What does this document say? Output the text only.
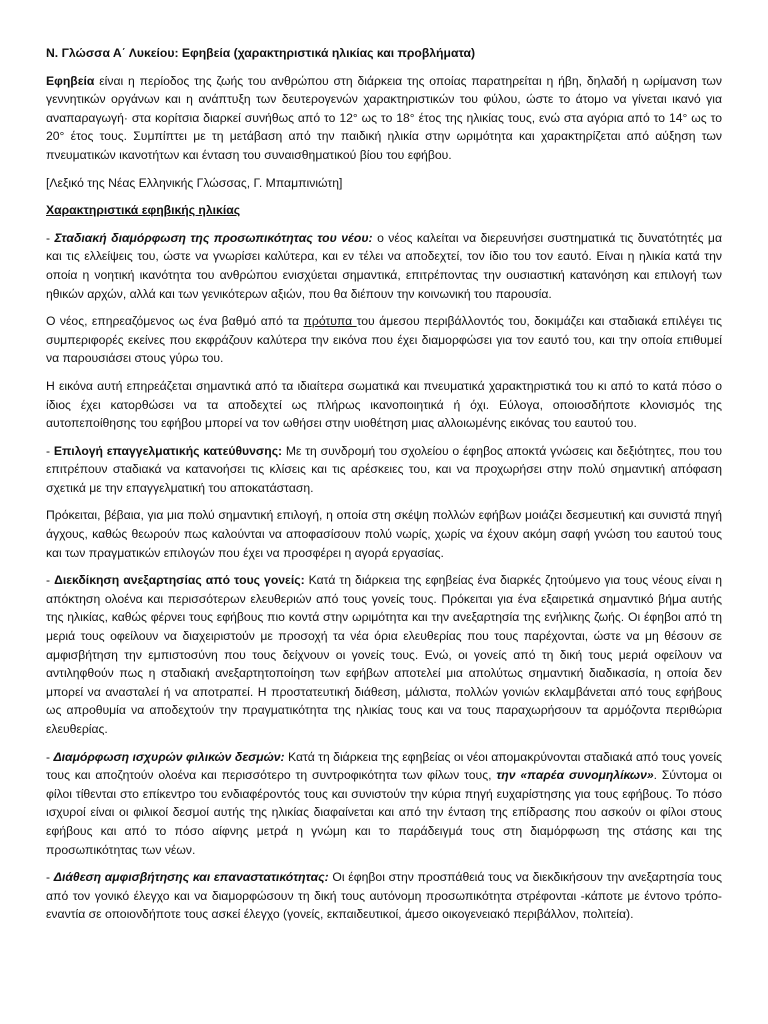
Ν. Γλώσσα Α΄ Λυκείου: Εφηβεία (χαρακτηριστικά ηλικίας και προβλήματα)

Εφηβεία είναι η περίοδος της ζωής του ανθρώπου στη διάρκεια της οποίας παρατηρείται η ήβη, δηλαδή η ωρίμανση των γεννητικών οργάνων και η ανάπτυξη των δευτερογενών χαρακτηριστικών του φύλου, ώστε το άτομο να γίνεται ικανό για αναπαραγωγή· στα κορίτσια διαρκεί συνήθως από το 12° ως το 18° έτος της ηλικίας τους, ενώ στα αγόρια από το 14° ως το 20° έτος τους. Συμπίπτει με τη μετάβαση από την παιδική ηλικία στην ωριμότητα και χαρακτηρίζεται από αύξηση των πνευματικών ικανοτήτων και ένταση του συναισθηματικού βίου του εφήβου.

[Λεξικό της Νέας Ελληνικής Γλώσσας, Γ. Μπαμπινιώτη]

Χαρακτηριστικά εφηβικής ηλικίας

- Σταδιακή διαμόρφωση της προσωπικότητας του νέου: ο νέος καλείται να διερευνήσει συστηματικά τις δυνατότητές μα και τις ελλείψεις του, ώστε να γνωρίσει καλύτερα, και εν τέλει να αποδεχτεί, τον ίδιο του τον εαυτό. Είναι η ηλικία κατά την οποία η νοητική ικανότητα του ανθρώπου ενισχύεται σημαντικά, επιτρέποντας την ουσιαστική κατανόηση και επιλογή των ηθικών αρχών, αλλά και των γενικότερων αξιών, που θα διέπουν την κοινωνική του παρουσία.

Ο νέος, επηρεαζόμενος ως ένα βαθμό από τα πρότυπα του άμεσου περιβάλλοντός του, δοκιμάζει και σταδιακά επιλέγει τις συμπεριφορές εκείνες που εκφράζουν καλύτερα την εικόνα που έχει διαμορφώσει για τον εαυτό του, και την οποία επιθυμεί να παρουσιάσει στους γύρω του.

Η εικόνα αυτή επηρεάζεται σημαντικά από τα ιδιαίτερα σωματικά και πνευματικά χαρακτηριστικά του κι από το κατά πόσο ο ίδιος έχει κατορθώσει να τα αποδεχτεί ως πλήρως ικανοποιητικά ή όχι. Εύλογα, οποιοσδήποτε κλονισμός της αυτοπεποίθησης του εφήβου μπορεί να τον ωθήσει στην υιοθέτηση μιας αλλοιωμένης εικόνας του εαυτού του.

- Επιλογή επαγγελματικής κατεύθυνσης: Με τη συνδρομή του σχολείου ο έφηβος αποκτά γνώσεις και δεξιότητες, που του επιτρέπουν σταδιακά να κατανοήσει τις κλίσεις και τις αρέσκειες του, και να προχωρήσει στην πολύ σημαντική απόφαση σχετικά με την επαγγελματική του αποκατάσταση.

Πρόκειται, βέβαια, για μια πολύ σημαντική επιλογή, η οποία στη σκέψη πολλών εφήβων μοιάζει δεσμευτική και συνιστά πηγή άγχους, καθώς θεωρούν πως καλούνται να αποφασίσουν πολύ νωρίς, χωρίς να έχουν ακόμη σαφή γνώση του εαυτού τους και των πραγματικών επιλογών που έχει να προσφέρει η αγορά εργασίας.

- Διεκδίκηση ανεξαρτησίας από τους γονείς: Κατά τη διάρκεια της εφηβείας ένα διαρκές ζητούμενο για τους νέους είναι η απόκτηση ολοένα και περισσότερων ελευθεριών από τους γονείς τους. Πρόκειται για ένα εξαιρετικά σημαντικό βήμα αυτής της ηλικίας, καθώς φέρνει τους εφήβους πιο κοντά στην ωριμότητα και την ανεξαρτησία της ενήλικης ζωής. Οι έφηβοι από τη μεριά τους οφείλουν να διαχειριστούν με προσοχή τα νέα όρια ελευθερίας που τους παρέχονται, ώστε να μη θέσουν σε αμφισβήτηση την εμπιστοσύνη που τους δείχνουν οι γονείς τους. Ενώ, οι γονείς από τη δική τους μεριά οφείλουν να αντιληφθούν πως η σταδιακή ανεξαρτητοποίηση των εφήβων αποτελεί μια απολύτως σημαντική διαδικασία, η οποία δεν μπορεί να ανασταλεί ή να αποτραπεί. Η προστατευτική διάθεση, μάλιστα, πολλών γονιών εκλαμβάνεται από τους εφήβους ως απροθυμία να αποδεχτούν την πραγματικότητα της ηλικίας τους και να τους παραχωρήσουν τα αρμόζοντα περιθώρια ελευθερίας.

- Διαμόρφωση ισχυρών φιλικών δεσμών: Κατά τη διάρκεια της εφηβείας οι νέοι απομακρύνονται σταδιακά από τους γονείς τους και αποζητούν ολοένα και περισσότερο τη συντροφικότητα των φίλων τους, την «παρέα συνομηλίκων». Σύντομα οι φίλοι τίθενται στο επίκεντρο του ενδιαφέροντός τους και συνιστούν την κύρια πηγή ευχαρίστησης για τους εφήβους. Το πόσο ισχυροί είναι οι φιλικοί δεσμοί αυτής της ηλικίας διαφαίνεται και από την ένταση της επίδρασης που ασκούν οι φίλοι στους εφήβους και από το πόσο αίφνης μετρά η γνώμη και το παράδειγμά τους στη διαμόρφωση της στάσης και της προσωπικότητας των νέων.

- Διάθεση αμφισβήτησης και επαναστατικότητας: Οι έφηβοι στην προσπάθειά τους να διεκδικήσουν την ανεξαρτησία τους από τον γονικό έλεγχο και να διαμορφώσουν τη δική τους αυτόνομη προσωπικότητα στρέφονται -κάποτε με έντονο τρόπο- εναντία σε οποιονδήποτε τους ασκεί έλεγχο (γονείς, εκπαιδευτικοί, άμεσο οικογενειακό περιβάλλον, πολιτεία).
